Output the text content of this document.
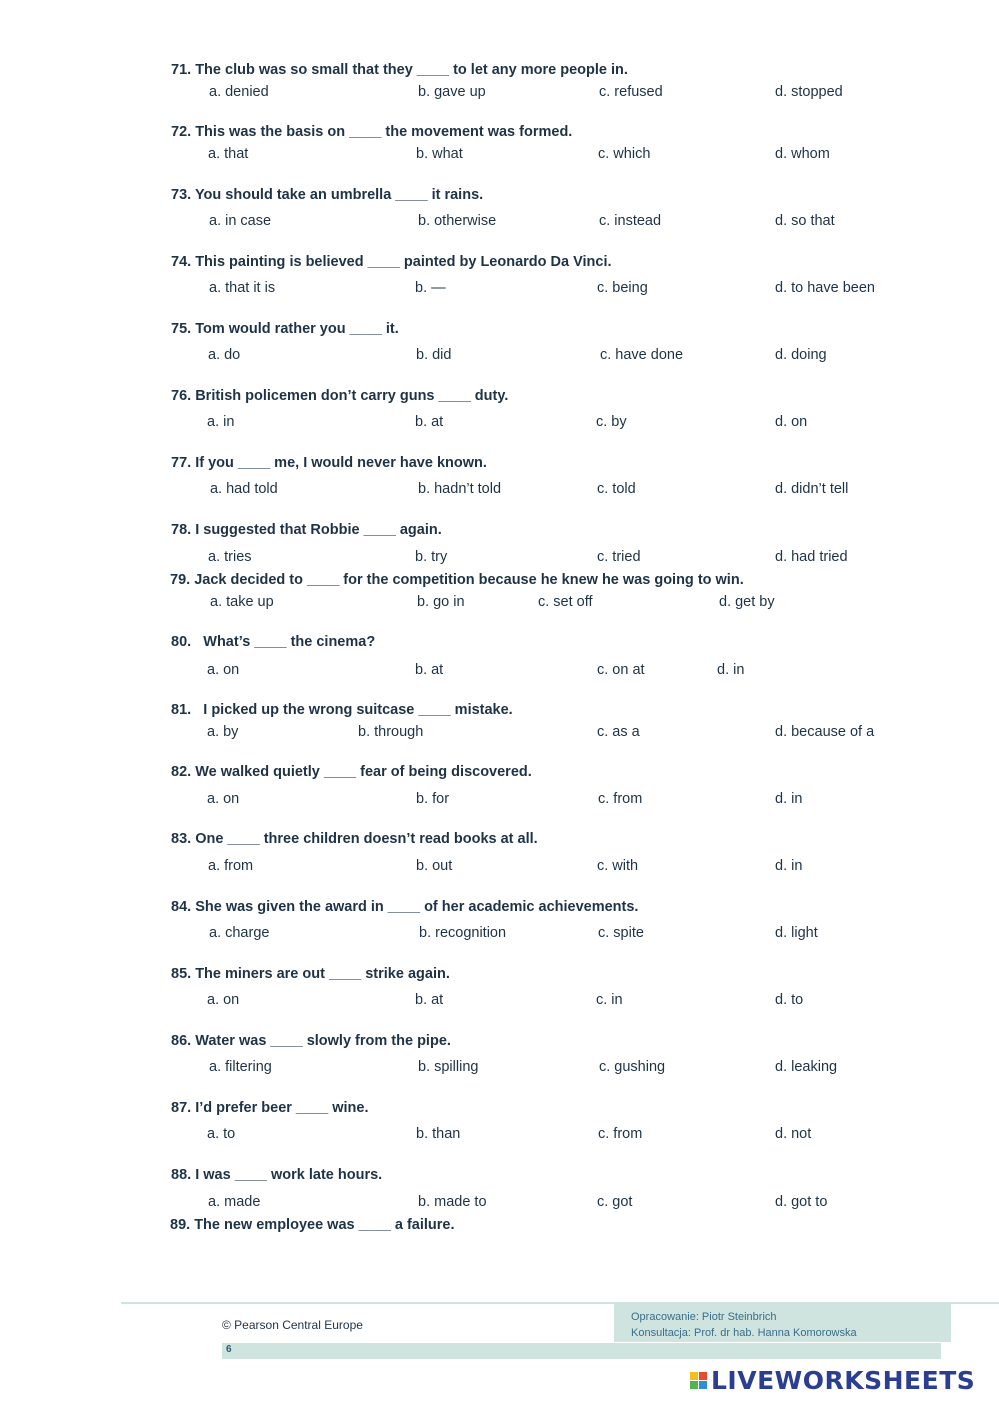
71. The club was so small that they ____ to let any more people in.
a. denied	b. gave up	c. refused	d. stopped
72. This was the basis on ____ the movement was formed.
a. that	b. what	c. which	d. whom
73. You should take an umbrella ____ it rains.
a. in case	b. otherwise	c. instead	d. so that
74. This painting is believed ____ painted by Leonardo Da Vinci.
a. that it is	b. —	c. being	d. to have been
75. Tom would rather you ____ it.
a. do	b. did	c. have done	d. doing
76. British policemen don’t carry guns ____ duty.
a. in	b. at	c. by	d. on
77. If you ____ me, I would never have known.
a. had told	b. hadn’t told	c. told	d. didn’t tell
78. I suggested that Robbie ____ again.
a. tries	b. try	c. tried	d. had tried
79. Jack decided to ____ for the competition because he knew he was going to win.
a. take up	b. go in	c. set off	d. get by
80. What’s ____ the cinema?
a. on	b. at	c. on at	d. in
81. I picked up the wrong suitcase ____ mistake.
a. by	b. through	c. as a	d. because of a
82. We walked quietly ____ fear of being discovered.
a. on	b. for	c. from	d. in
83. One ____ three children doesn’t read books at all.
a. from	b. out	c. with	d. in
84. She was given the award in ____ of her academic achievements.
a. charge	b. recognition	c. spite	d. light
85. The miners are out ____ strike again.
a. on	b. at	c. in	d. to
86. Water was ____ slowly from the pipe.
a. filtering	b. spilling	c. gushing	d. leaking
87. I’d prefer beer ____ wine.
a. to	b. than	c. from	d. not
88. I was ____ work late hours.
a. made	b. made to	c. got	d. got to
89. The new employee was ____ a failure.
Opracowanie: Piotr Steinbrich
Konsultacja: Prof. dr hab. Hanna Komorowska
© Pearson Central Europe
6
LIVEWORKSHEETS
